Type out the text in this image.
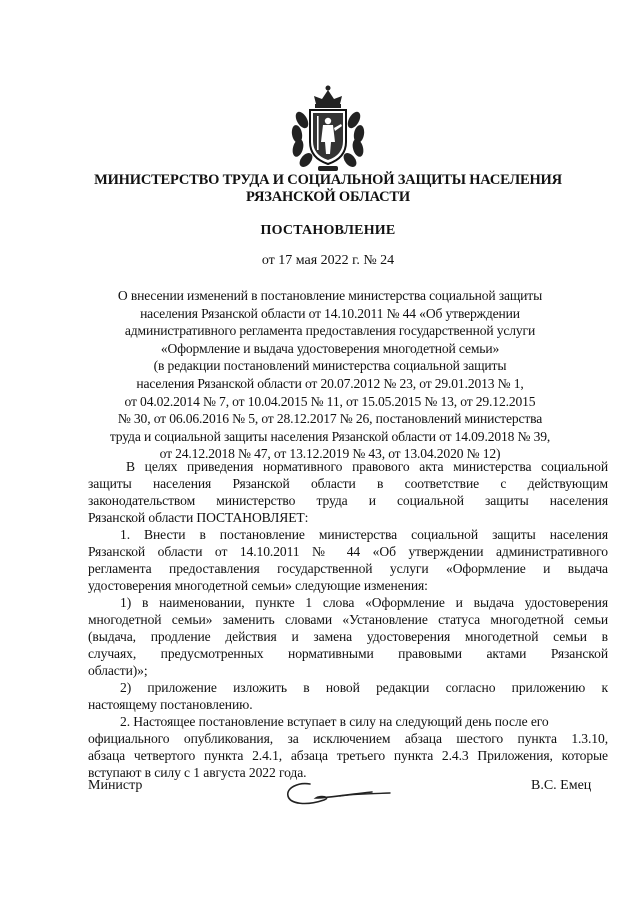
МИНИСТЕРСТВО ТРУДА И СОЦИАЛЬНОЙ ЗАЩИТЫ НАСЕЛЕНИЯ
РЯЗАНСКОЙ ОБЛАСТИ
ПОСТАНОВЛЕНИЕ
от 17 мая 2022 г. № 24
О внесении изменений в постановление министерства социальной защиты
населения Рязанской области от 14.10.2011 № 44 «Об утверждении
административного регламента предоставления государственной услуги
«Оформление и выдача удостоверения многодетной семьи»
(в редакции постановлений министерства социальной защиты
населения Рязанской области от 20.07.2012 № 23, от 29.01.2013 № 1,
от 04.02.2014 № 7, от 10.04.2015 № 11, от 15.05.2015 № 13, от 29.12.2015
№ 30, от 06.06.2016 № 5, от 28.12.2017 № 26, постановлений министерства
труда и социальной защиты населения Рязанской области от 14.09.2018 № 39,
от 24.12.2018 № 47, от 13.12.2019 № 43, от 13.04.2020 № 12)
В целях приведения нормативного правового акта министерства социальной
защиты населения Рязанской области в соответствие с действующим
законодательством министерство труда и социальной защиты населения
Рязанской области ПОСТАНОВЛЯЕТ:
1. Внести в постановление министерства социальной защиты населения
Рязанской области от 14.10.2011 № 44 «Об утверждении административного
регламента предоставления государственной услуги «Оформление и выдача
удостоверения многодетной семьи» следующие изменения:
1) в наименовании, пункте 1 слова «Оформление и выдача удостоверения
многодетной семьи» заменить словами «Установление статуса многодетной семьи
(выдача, продление действия и замена удостоверения многодетной семьи в
случаях, предусмотренных нормативными правовыми актами Рязанской
области)»;
2) приложение изложить в новой редакции согласно приложению к
настоящему постановлению.
2. Настоящее постановление вступает в силу на следующий день после его
официального опубликования, за исключением абзаца шестого пункта 1.3.10,
абзаца четвертого пункта 2.4.1, абзаца третьего пункта 2.4.3 Приложения, которые
вступают в силу с 1 августа 2022 года.
Министр	В.С. Емец
